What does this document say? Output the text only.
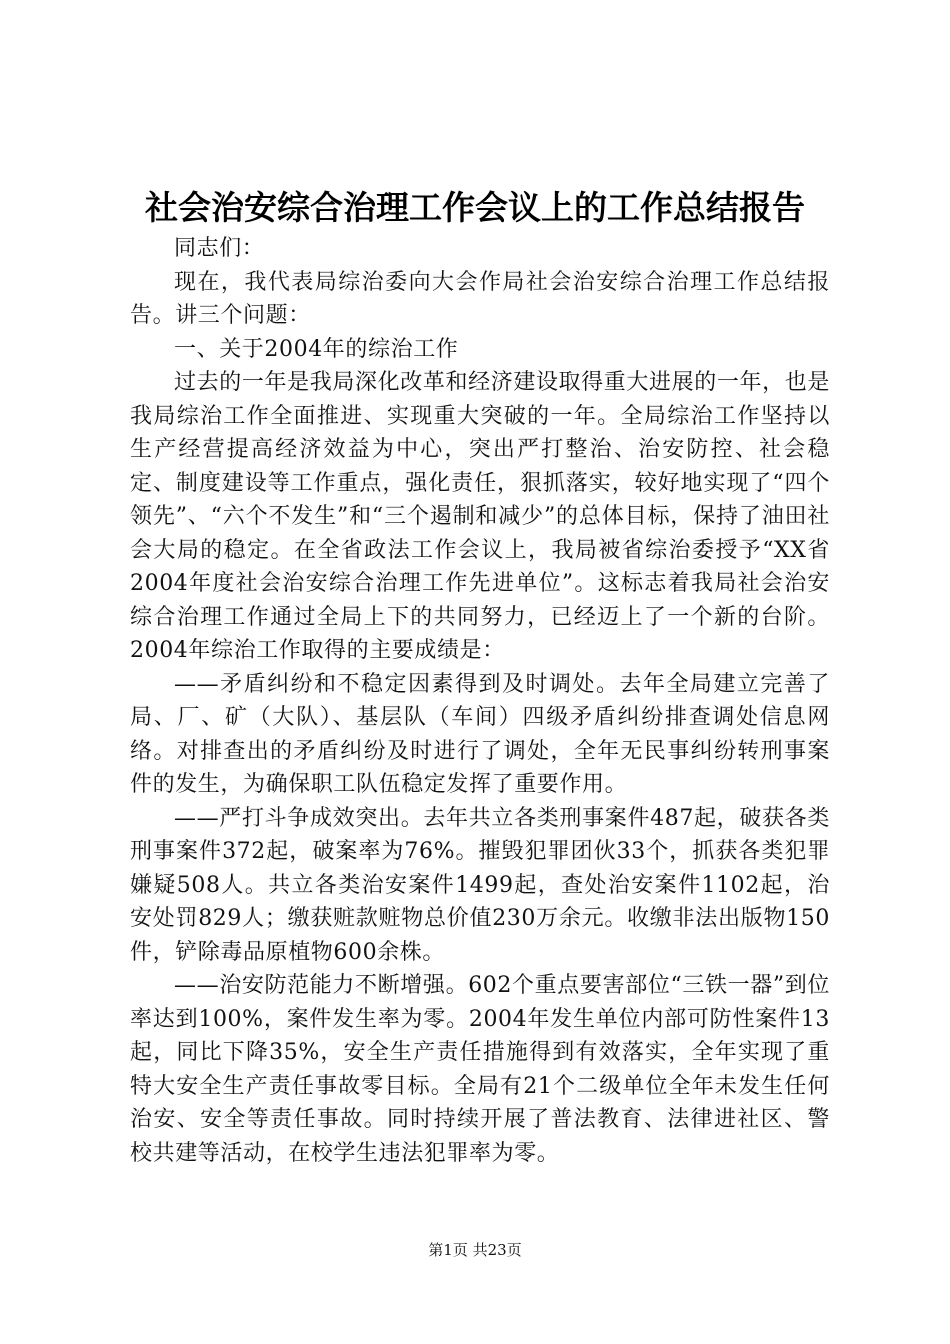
社会治安综合治理工作会议上的工作总结报告

同志们：

现在，我代表局综治委向大会作局社会治安综合治理工作总结报告。讲三个问题：

一、关于2004年的综治工作

过去的一年是我局深化改革和经济建设取得重大进展的一年，也是我局综治工作全面推进、实现重大突破的一年。全局综治工作坚持以生产经营提高经济效益为中心，突出严打整治、治安防控、社会稳定、制度建设等工作重点，强化责任，狠抓落实，较好地实现了“四个领先”、“六个不发生”和“三个遏制和减少”的总体目标，保持了油田社会大局的稳定。在全省政法工作会议上，我局被省综治委授予“XX省2004年度社会治安综合治理工作先进单位”。这标志着我局社会治安综合治理工作通过全局上下的共同努力，已经迈上了一个新的台阶。2004年综治工作取得的主要成绩是：

——矛盾纠纷和不稳定因素得到及时调处。去年全局建立完善了局、厂、矿（大队）、基层队（车间）四级矛盾纠纷排查调处信息网络。对排查出的矛盾纠纷及时进行了调处，全年无民事纠纷转刑事案件的发生，为确保职工队伍稳定发挥了重要作用。

——严打斗争成效突出。去年共立各类刑事案件487起，破获各类刑事案件372起，破案率为76%。摧毁犯罪团伙33个，抓获各类犯罪嫌疑508人。共立各类治安案件1499起，查处治安案件1102起，治安处罚829人；缴获赃款赃物总价值230万余元。收缴非法出版物150件，铲除毒品原植物600余株。

——治安防范能力不断增强。602个重点要害部位“三铁一器”到位率达到100%，案件发生率为零。2004年发生单位内部可防性案件13起，同比下降35%，安全生产责任措施得到有效落实，全年实现了重特大安全生产责任事故零目标。全局有21个二级单位全年未发生任何治安、安全等责任事故。同时持续开展了普法教育、法律进社区、警校共建等活动，在校学生违法犯罪率为零。

第1页 共23页
